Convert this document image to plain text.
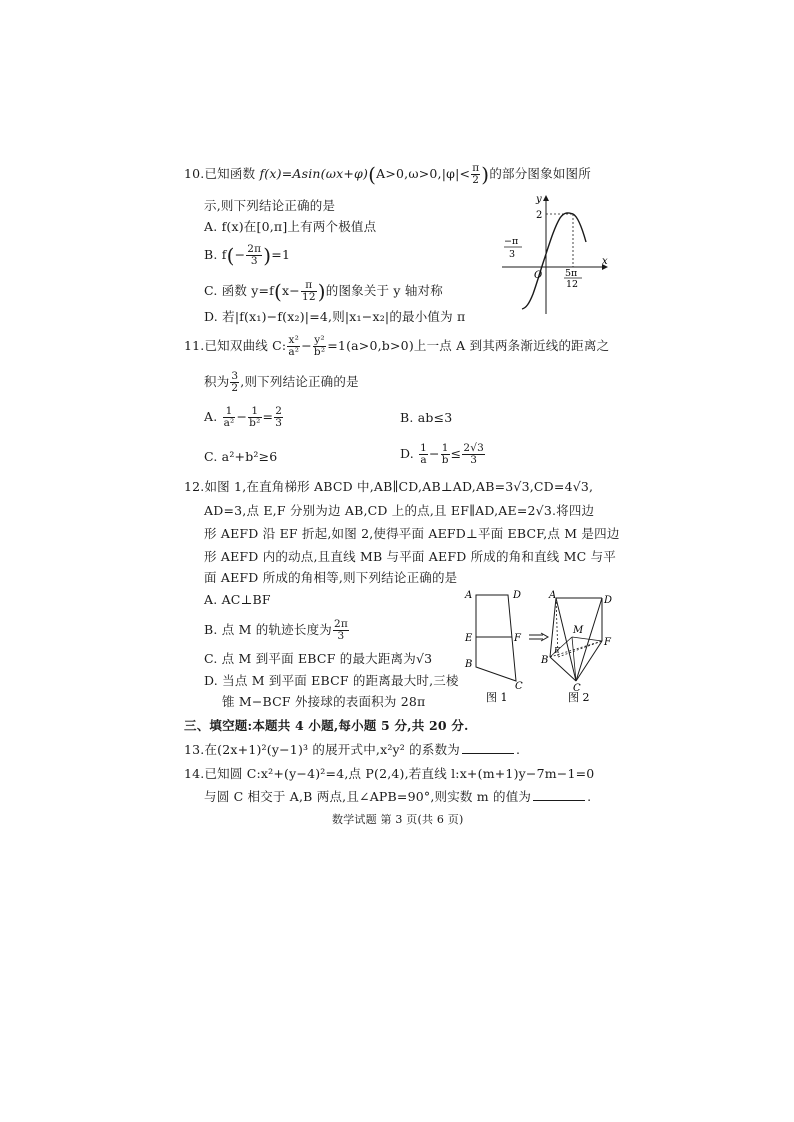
10.已知函数 $f(x)=Asin(\omega x+\varphi)(A>0,\omega>0,|\varphi|< \frac{\pi}{2}$ )的部分图象如图所
示,则下列结论正确的是
A. f(x)在[0,π]上有两个极值点
B. $f(- \frac{2\pi}{3} )=1$
C. 函数 $y=f(x- \frac{\pi}{12}$ )的图象关于 y 轴对称
D. 若|f(x₁)−f(x₂)|=4,则|x₁−x₂|的最小值为 π
y
x
O
2
−π
3
5π
12
11.已知双曲线 C: $\frac{\text{x²}}{\text{a²}} - \frac{\text{y²}}{\text{b²}} =1(a>0,b>0)$上一点 A 到其两条渐近线的距离之
积为 $\frac{3}{2}$ ,则下列结论正确的是
A. $\frac{1}{\text{a²}} - \frac{1}{\text{b²}} = \frac{2}{3}$	B. ab≤3
C. a²+b²≥6	D. $\frac{1}{a} - \frac{1}{b} \le \frac{2√3}{3}$
12.如图 1,在直角梯形 ABCD 中,AB∥CD,AB⊥AD,AB=3√3,CD=4√3,
AD=3,点 E,F 分别为边 AB,CD 上的点,且 EF∥AD,AE=2√3.将四边
形 AEFD 沿 EF 折起,如图 2,使得平面 AEFD⊥平面 EBCF,点 M 是四边
形 AEFD 内的动点,且直线 MB 与平面 AEFD 所成的角和直线 MC 与平
面 AEFD 所成的角相等,则下列结论正确的是
A. AC⊥BF
B. 点 M 的轨迹长度为 $\frac{2\pi}{3}$
C. 点 M 到平面 EBCF 的最大距离为√3
D. 当点 M 到平面 EBCF 的距离最大时,三棱
锥 M−BCF 外接球的表面积为 28π
A	D
E	F
B
C
图 1
A	D
M
F
E
B
C
图 2
三、填空题:本题共 4 小题,每小题 5 分,共 20 分.
13.在(2x+1)²(y−1)³ 的展开式中,x²y² 的系数为	.
14.已知圆 C:x²+(y−4)²=4,点 P(2,4),若直线 l:x+(m+1)y−7m−1=0
与圆 C 相交于 A,B 两点,且∠APB=90°,则实数 m 的值为	.
数学试题 第 3 页(共 6 页)
